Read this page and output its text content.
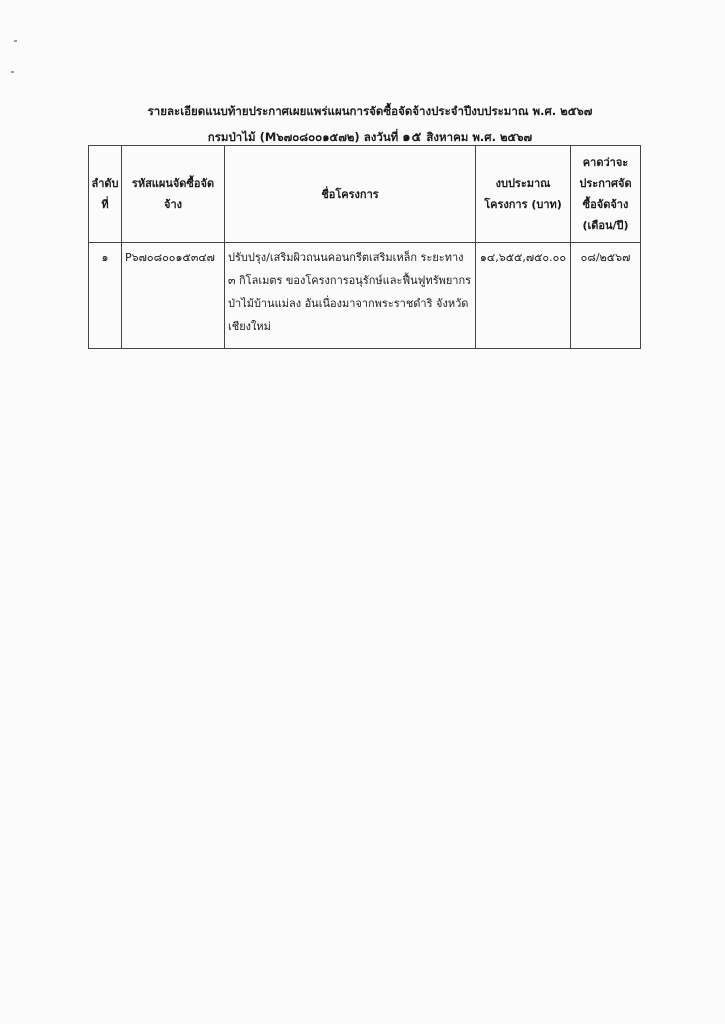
รายละเอียดแนบท้ายประกาศเผยแพร่แผนการจัดซื้อจัดจ้างประจำปีงบประมาณ พ.ศ. ๒๕๖๗
กรมป่าไม้ (M๖๗๐๘๐๐๑๕๗๒) ลงวันที่ ๑๕ สิงหาคม พ.ศ. ๒๕๖๗
ลำดับที่	รหัสแผนจัดซื้อจัดจ้าง	ชื่อโครงการ	งบประมาณโครงการ (บาท)	คาดว่าจะประกาศจัดซื้อจัดจ้าง (เดือน/ปี)
๑	P๖๗๐๘๐๐๑๕๓๔๗	ปรับปรุง/เสริมผิวถนนคอนกรีตเสริมเหล็ก ระยะทาง ๓ กิโลเมตร ของโครงการอนุรักษ์และฟื้นฟูทรัพยากรป่าไม้บ้านแม่ลง อันเนื่องมาจากพระราชดำริ จังหวัดเชียงใหม่	๑๔,๖๕๕,๗๕๐.๐๐	๐๘/๒๕๖๗
